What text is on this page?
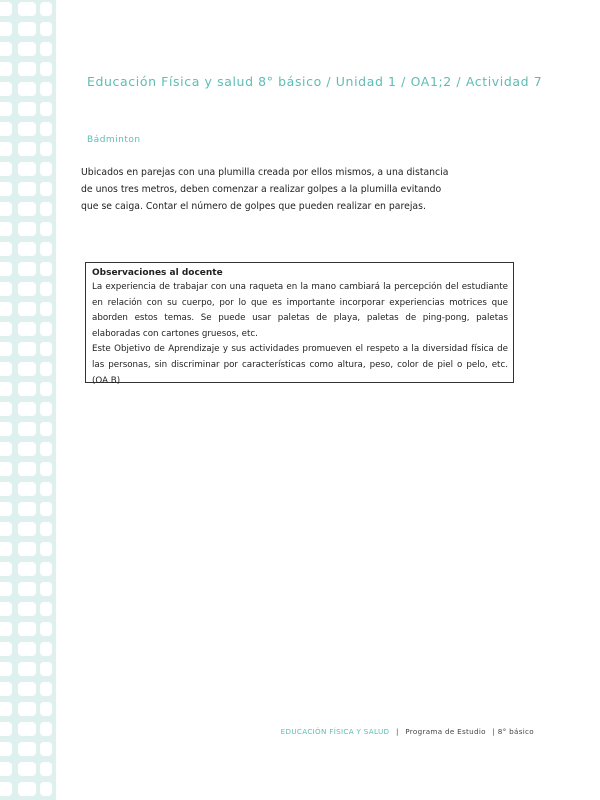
Educación Física y salud 8° básico / Unidad 1 / OA1;2 / Actividad 7
Bádminton
Ubicados en parejas con una plumilla creada por ellos mismos, a una distancia de unos tres metros, deben comenzar a realizar golpes a la plumilla evitando que se caiga. Contar el número de golpes que pueden realizar en parejas.

Observaciones al docente

La experiencia de trabajar con una raqueta en la mano cambiará la percepción del estudiante en relación con su cuerpo, por lo que es importante incorporar experiencias motrices que aborden estos temas. Se puede usar paletas de playa, paletas de ping-pong, paletas elaboradas con cartones gruesos, etc.

Este Objetivo de Aprendizaje y sus actividades promueven el respeto a la diversidad física de las personas, sin discriminar por características como altura, peso, color de piel o pelo, etc. (OA B)

EDUCACIÓN FÍSICA Y SALUD | Programa de Estudio | 8° básico
